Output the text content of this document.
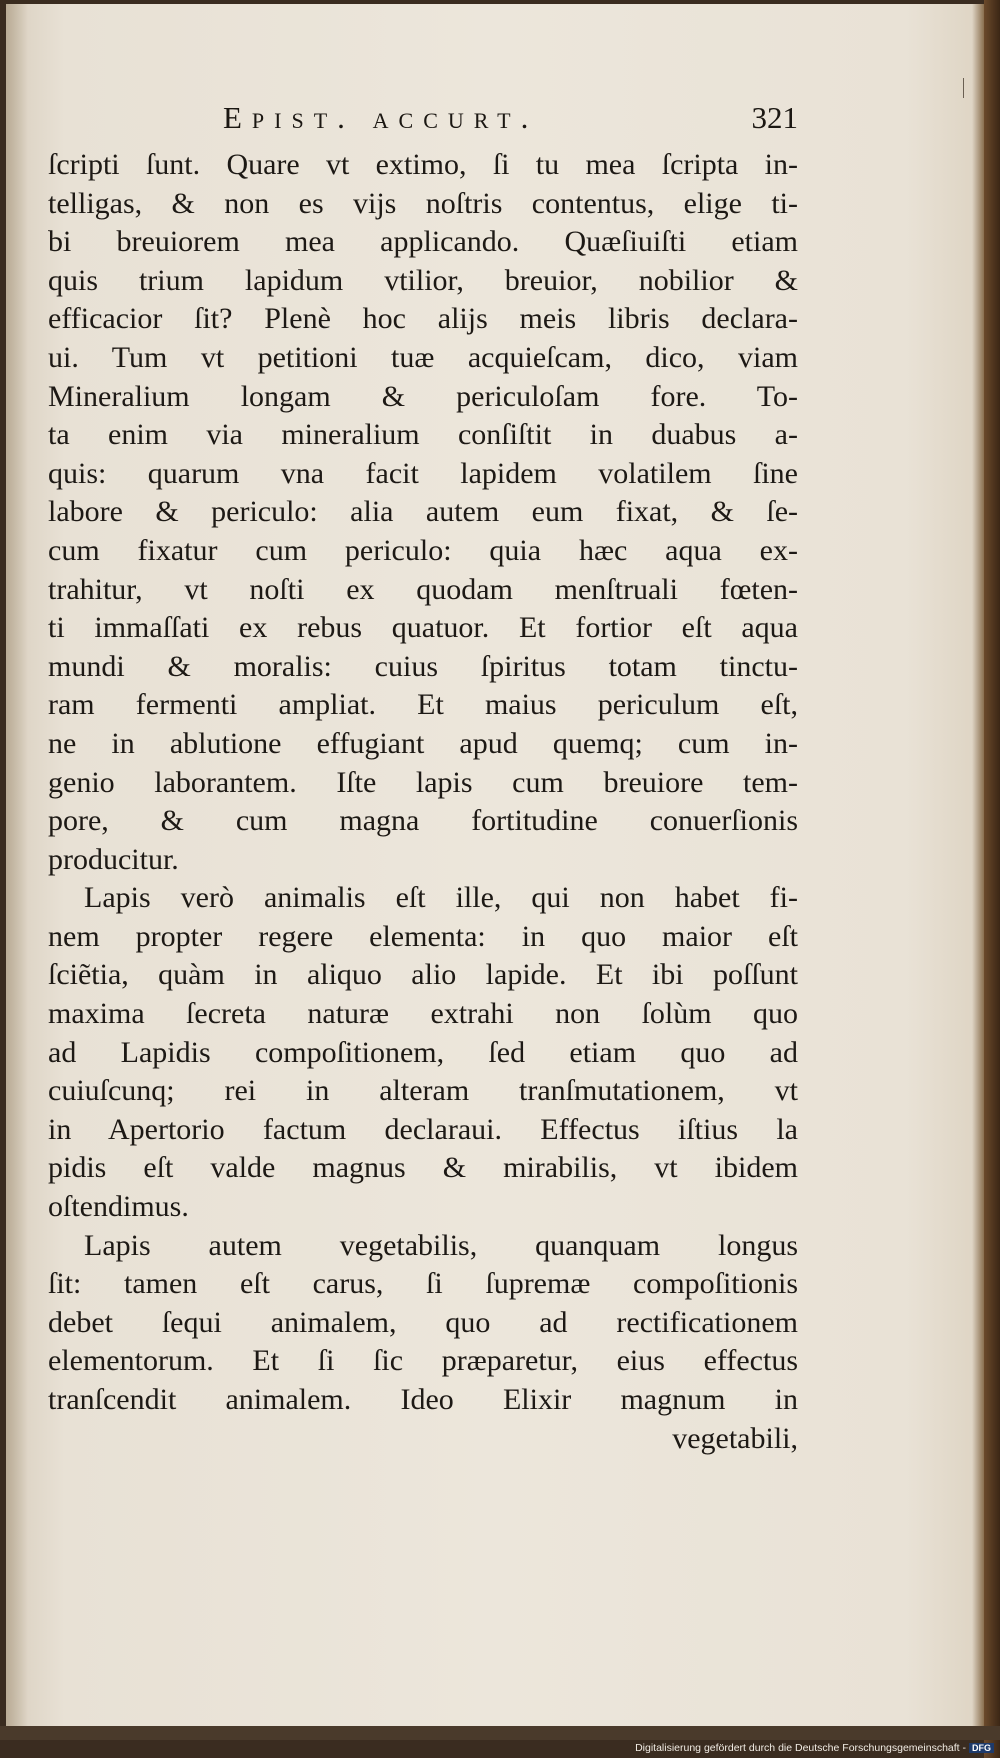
Epist. accurt.	321
ſcripti ſunt. Quare vt extimo, ſi tu mea ſcripta in-
telligas, & non es vijs noſtris contentus, elige ti-
bi breuiorem mea applicando. Quæſiuiſti etiam
quis trium lapidum vtilior, breuior, nobilior &
efficacior ſit? Plenè hoc alijs meis libris declara-
ui. Tum vt petitioni tuæ acquieſcam, dico, viam
Mineralium longam & periculoſam fore. To-
ta enim via mineralium conſiſtit in duabus a-
quis: quarum vna facit lapidem volatilem ſine
labore & periculo: alia autem eum fixat, & ſe-
cum fixatur cum periculo: quia hæc aqua ex-
trahitur, vt noſti ex quodam menſtruali fœten-
ti immaſſati ex rebus quatuor. Et fortior eſt aqua
mundi & moralis: cuius ſpiritus totam tinctu-
ram fermenti ampliat. Et maius periculum eſt,
ne in ablutione effugiant apud quemq; cum in-
genio laborantem. Iſte lapis cum breuiore tem-
pore, & cum magna fortitudine conuerſionis
producitur.
Lapis verò animalis eſt ille, qui non habet fi-
nem propter regere elementa: in quo maior eſt
ſciẽtia, quàm in aliquo alio lapide. Et ibi poſſunt
maxima ſecreta naturæ extrahi non ſolùm quo
ad Lapidis compoſitionem, ſed etiam quo ad
cuiuſcunq; rei in alteram tranſmutationem, vt
in Apertorio factum declaraui. Effectus iſtius la
pidis eſt valde magnus & mirabilis, vt ibidem
oſtendimus.
Lapis autem vegetabilis, quanquam longus
ſit: tamen eſt carus, ſi ſupremæ compoſitionis
debet ſequi animalem, quo ad rectificationem
elementorum. Et ſi ſic præparetur, eius effectus
tranſcendit animalem. Ideo Elixir magnum in
vegetabili,
Digitalisierung gefördert durch die Deutsche Forschungsgemeinschaft - DFG
